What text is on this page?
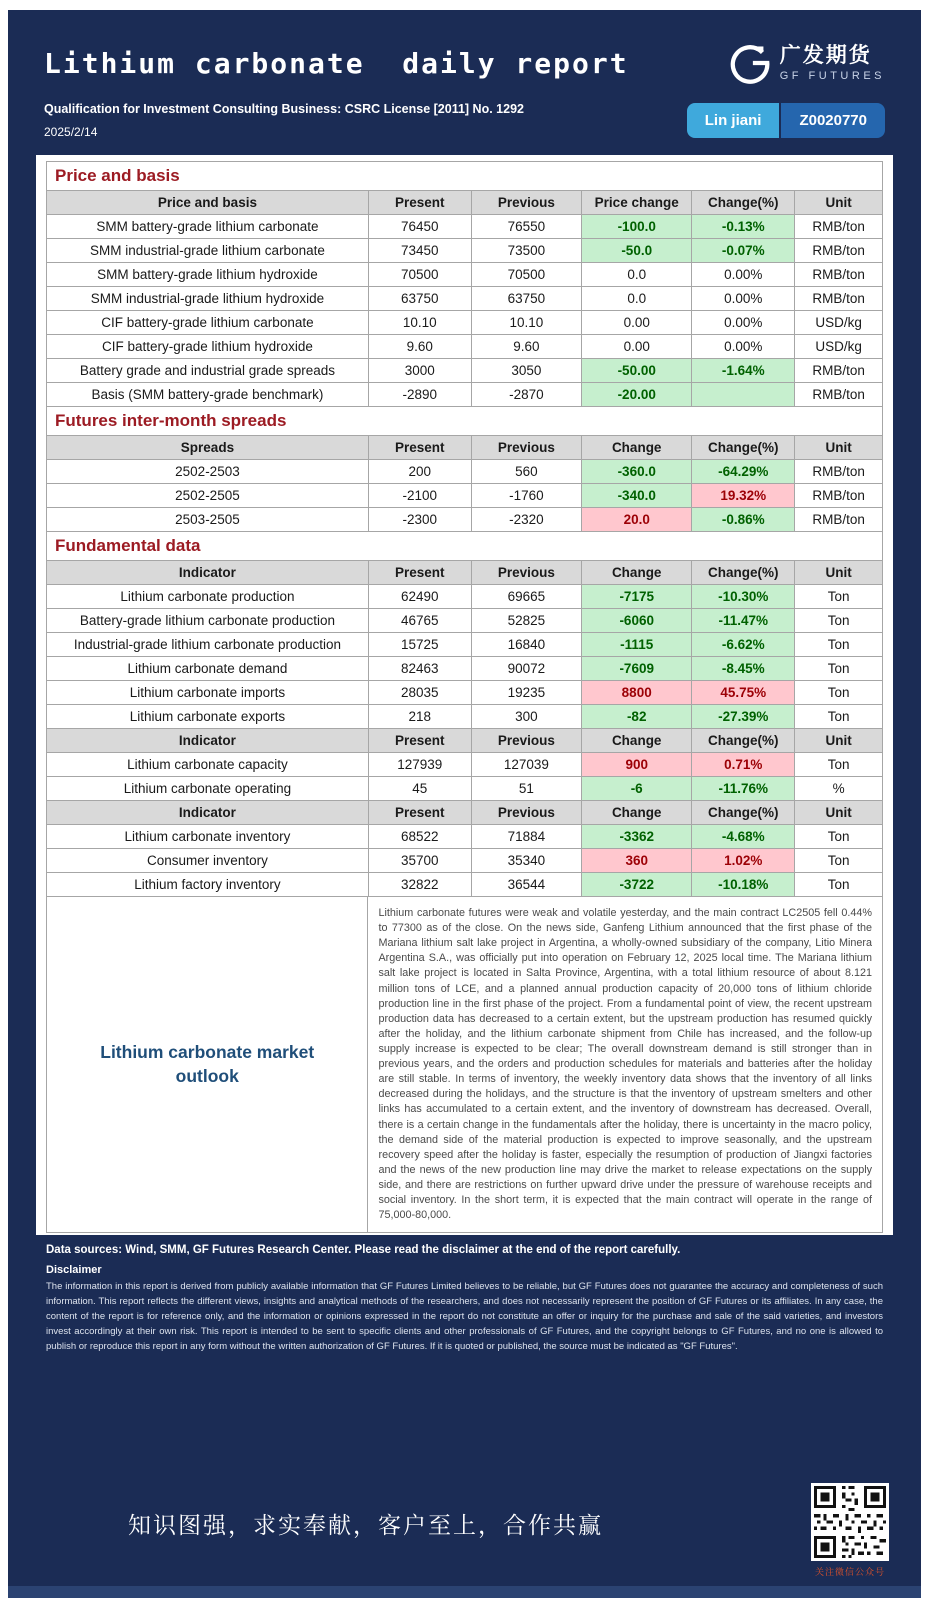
Lithium carbonate  daily report	广发期货
GF FUTURES
Qualification for Investment Consulting Business: CSRC License [2011] No. 1292
2025/2/14
Lin jiani	Z0020770
Price and basis
Price and basis	Present	Previous	Price change	Change(%)	Unit
SMM battery-grade lithium carbonate	76450	76550	-100.0	-0.13%	RMB/ton
SMM industrial-grade lithium carbonate	73450	73500	-50.0	-0.07%	RMB/ton
SMM battery-grade lithium hydroxide	70500	70500	0.0	0.00%	RMB/ton
SMM industrial-grade lithium hydroxide	63750	63750	0.0	0.00%	RMB/ton
CIF battery-grade lithium carbonate	10.10	10.10	0.00	0.00%	USD/kg
CIF battery-grade lithium hydroxide	9.60	9.60	0.00	0.00%	USD/kg
Battery grade and industrial grade spreads	3000	3050	-50.00	-1.64%	RMB/ton
Basis (SMM battery-grade benchmark)	-2890	-2870	-20.00		RMB/ton
Futures inter-month spreads
Spreads	Present	Previous	Change	Change(%)	Unit
2502-2503	200	560	-360.0	-64.29%	RMB/ton
2502-2505	-2100	-1760	-340.0	19.32%	RMB/ton
2503-2505	-2300	-2320	20.0	-0.86%	RMB/ton
Fundamental data
Indicator	Present	Previous	Change	Change(%)	Unit
Lithium carbonate production	62490	69665	-7175	-10.30%	Ton
Battery-grade lithium carbonate production	46765	52825	-6060	-11.47%	Ton
Industrial-grade lithium carbonate production	15725	16840	-1115	-6.62%	Ton
Lithium carbonate demand	82463	90072	-7609	-8.45%	Ton
Lithium carbonate imports	28035	19235	8800	45.75%	Ton
Lithium carbonate exports	218	300	-82	-27.39%	Ton
Indicator	Present	Previous	Change	Change(%)	Unit
Lithium carbonate capacity	127939	127039	900	0.71%	Ton
Lithium carbonate operating	45	51	-6	-11.76%	%
Indicator	Present	Previous	Change	Change(%)	Unit
Lithium carbonate inventory	68522	71884	-3362	-4.68%	Ton
Consumer inventory	35700	35340	360	1.02%	Ton
Lithium factory inventory	32822	36544	-3722	-10.18%	Ton
Lithium carbonate market outlook
Lithium carbonate futures were weak and volatile yesterday, and the main contract LC2505 fell 0.44% to 77300 as of the close. On the news side, Ganfeng Lithium announced that the first phase of the Mariana lithium salt lake project in Argentina, a wholly-owned subsidiary of the company, Litio Minera Argentina S.A., was officially put into operation on February 12, 2025 local time. The Mariana lithium salt lake project is located in Salta Province, Argentina, with a total lithium resource of about 8.121 million tons of LCE, and a planned annual production capacity of 20,000 tons of lithium chloride production line in the first phase of the project. From a fundamental point of view, the recent upstream production data has decreased to a certain extent, but the upstream production has resumed quickly after the holiday, and the lithium carbonate shipment from Chile has increased, and the follow-up supply increase is expected to be clear; The overall downstream demand is still stronger than in previous years, and the orders and production schedules for materials and batteries after the holiday are still stable. In terms of inventory, the weekly inventory data shows that the inventory of all links decreased during the holidays, and the structure is that the inventory of upstream smelters and other links has accumulated to a certain extent, and the inventory of downstream has decreased. Overall, there is a certain change in the fundamentals after the holiday, there is uncertainty in the macro policy, the demand side of the material production is expected to improve seasonally, and the upstream recovery speed after the holiday is faster, especially the resumption of production of Jiangxi factories and the news of the new production line may drive the market to release expectations on the supply side, and there are restrictions on further upward drive under the pressure of warehouse receipts and social inventory. In the short term, it is expected that the main contract will operate in the range of 75,000-80,000.
Data sources: Wind, SMM, GF Futures Research Center. Please read the disclaimer at the end of the report carefully.
Disclaimer
The information in this report is derived from publicly available information that GF Futures Limited believes to be reliable, but GF Futures does not guarantee the accuracy and completeness of such information. This report reflects the different views, insights and analytical methods of the researchers, and does not necessarily represent the position of GF Futures or its affiliates. In any case, the content of the report is for reference only, and the information or opinions expressed in the report do not constitute an offer or inquiry for the purchase and sale of the said varieties, and investors invest accordingly at their own risk. This report is intended to be sent to specific clients and other professionals of GF Futures, and the copyright belongs to GF Futures, and no one is allowed to publish or reproduce this report in any form without the written authorization of GF Futures. If it is quoted or published, the source must be indicated as "GF Futures".
知识图强，求实奉献，客户至上，合作共赢
关注微信公众号
